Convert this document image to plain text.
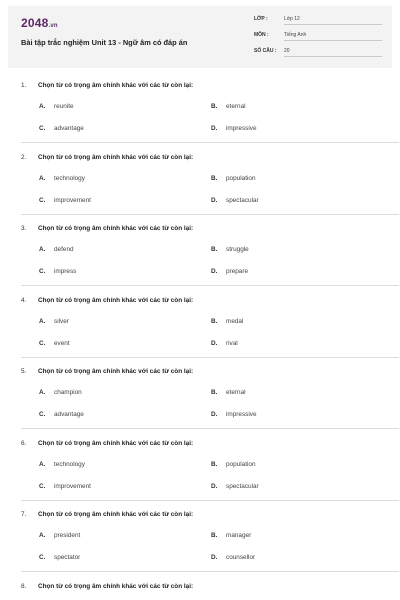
2048.vn
Bài tập trắc nghiệm Unit 13 - Ngữ âm có đáp án
LỚP :	Lớp 12
MÔN :	Tiếng Anh
SỐ CÂU : 20
1. Chọn từ có trọng âm chính khác với các từ còn lại:
A. reunite	B. eternal
C. advantage	D. impressive
2. Chọn từ có trọng âm chính khác với các từ còn lại:
A. technology	B. population
C. improvement	D. spectacular
3. Chọn từ có trọng âm chính khác với các từ còn lại:
A. defend	B. struggle
C. impress	D. prepare
4. Chọn từ có trọng âm chính khác với các từ còn lại:
A. silver	B. medal
C. event	D. rival
5. Chọn từ có trọng âm chính khác với các từ còn lại:
A. champion	B. eternal
C. advantage	D. impressive
6. Chọn từ có trọng âm chính khác với các từ còn lại:
A. technology	B. population
C. improvement	D. spectacular
7. Chọn từ có trọng âm chính khác với các từ còn lại:
A. president	B. manager
C. spectator	D. counsellor
8. Chọn từ có trọng âm chính khác với các từ còn lại:
